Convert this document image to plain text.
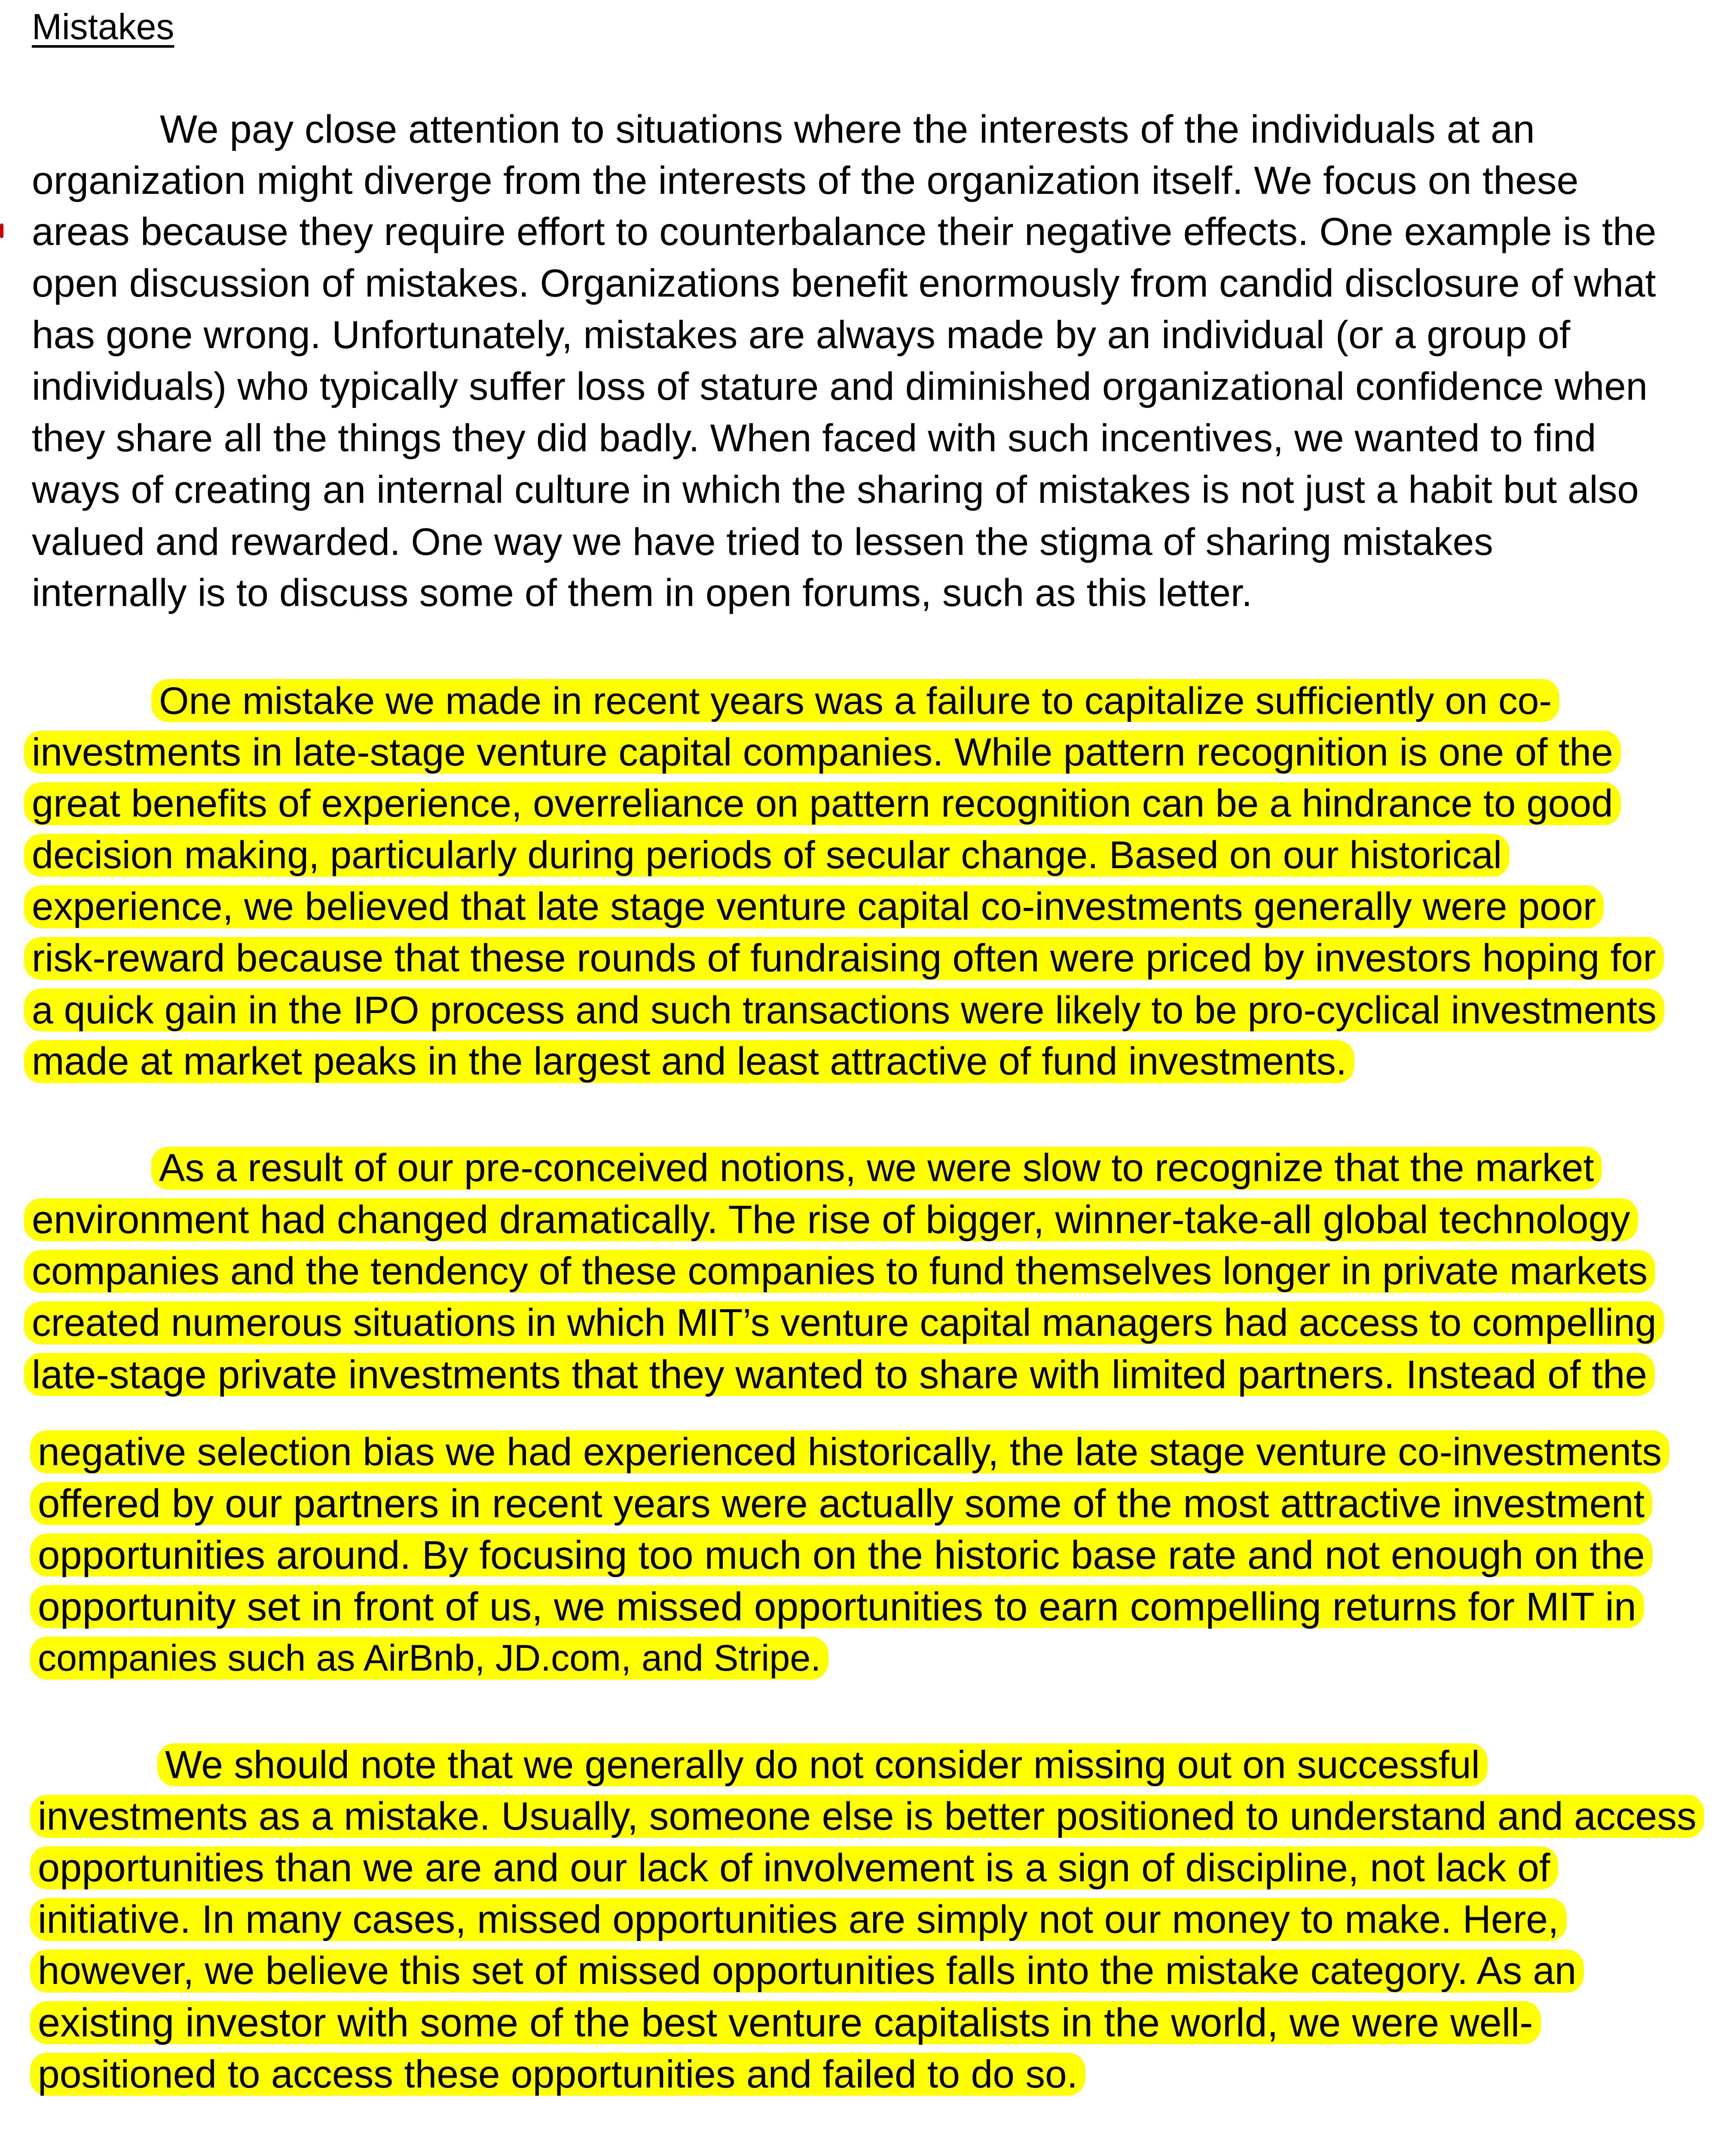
Mistakes
We pay close attention to situations where the interests of the individuals at an
organization might diverge from the interests of the organization itself. We focus on these
areas because they require effort to counterbalance their negative effects. One example is the
open discussion of mistakes. Organizations benefit enormously from candid disclosure of what
has gone wrong. Unfortunately, mistakes are always made by an individual (or a group of
individuals) who typically suffer loss of stature and diminished organizational confidence when
they share all the things they did badly. When faced with such incentives, we wanted to find
ways of creating an internal culture in which the sharing of mistakes is not just a habit but also
valued and rewarded. One way we have tried to lessen the stigma of sharing mistakes
internally is to discuss some of them in open forums, such as this letter.
One mistake we made in recent years was a failure to capitalize sufficiently on co-
investments in late-stage venture capital companies. While pattern recognition is one of the
great benefits of experience, overreliance on pattern recognition can be a hindrance to good
decision making, particularly during periods of secular change. Based on our historical
experience, we believed that late stage venture capital co-investments generally were poor
risk-reward because that these rounds of fundraising often were priced by investors hoping for
a quick gain in the IPO process and such transactions were likely to be pro-cyclical investments
made at market peaks in the largest and least attractive of fund investments.
As a result of our pre-conceived notions, we were slow to recognize that the market
environment had changed dramatically. The rise of bigger, winner-take-all global technology
companies and the tendency of these companies to fund themselves longer in private markets
created numerous situations in which MIT’s venture capital managers had access to compelling
late-stage private investments that they wanted to share with limited partners. Instead of the
negative selection bias we had experienced historically, the late stage venture co-investments
offered by our partners in recent years were actually some of the most attractive investment
opportunities around. By focusing too much on the historic base rate and not enough on the
opportunity set in front of us, we missed opportunities to earn compelling returns for MIT in
companies such as AirBnb, JD.com, and Stripe.
We should note that we generally do not consider missing out on successful
investments as a mistake. Usually, someone else is better positioned to understand and access
opportunities than we are and our lack of involvement is a sign of discipline, not lack of
initiative. In many cases, missed opportunities are simply not our money to make. Here,
however, we believe this set of missed opportunities falls into the mistake category. As an
existing investor with some of the best venture capitalists in the world, we were well-
positioned to access these opportunities and failed to do so.
